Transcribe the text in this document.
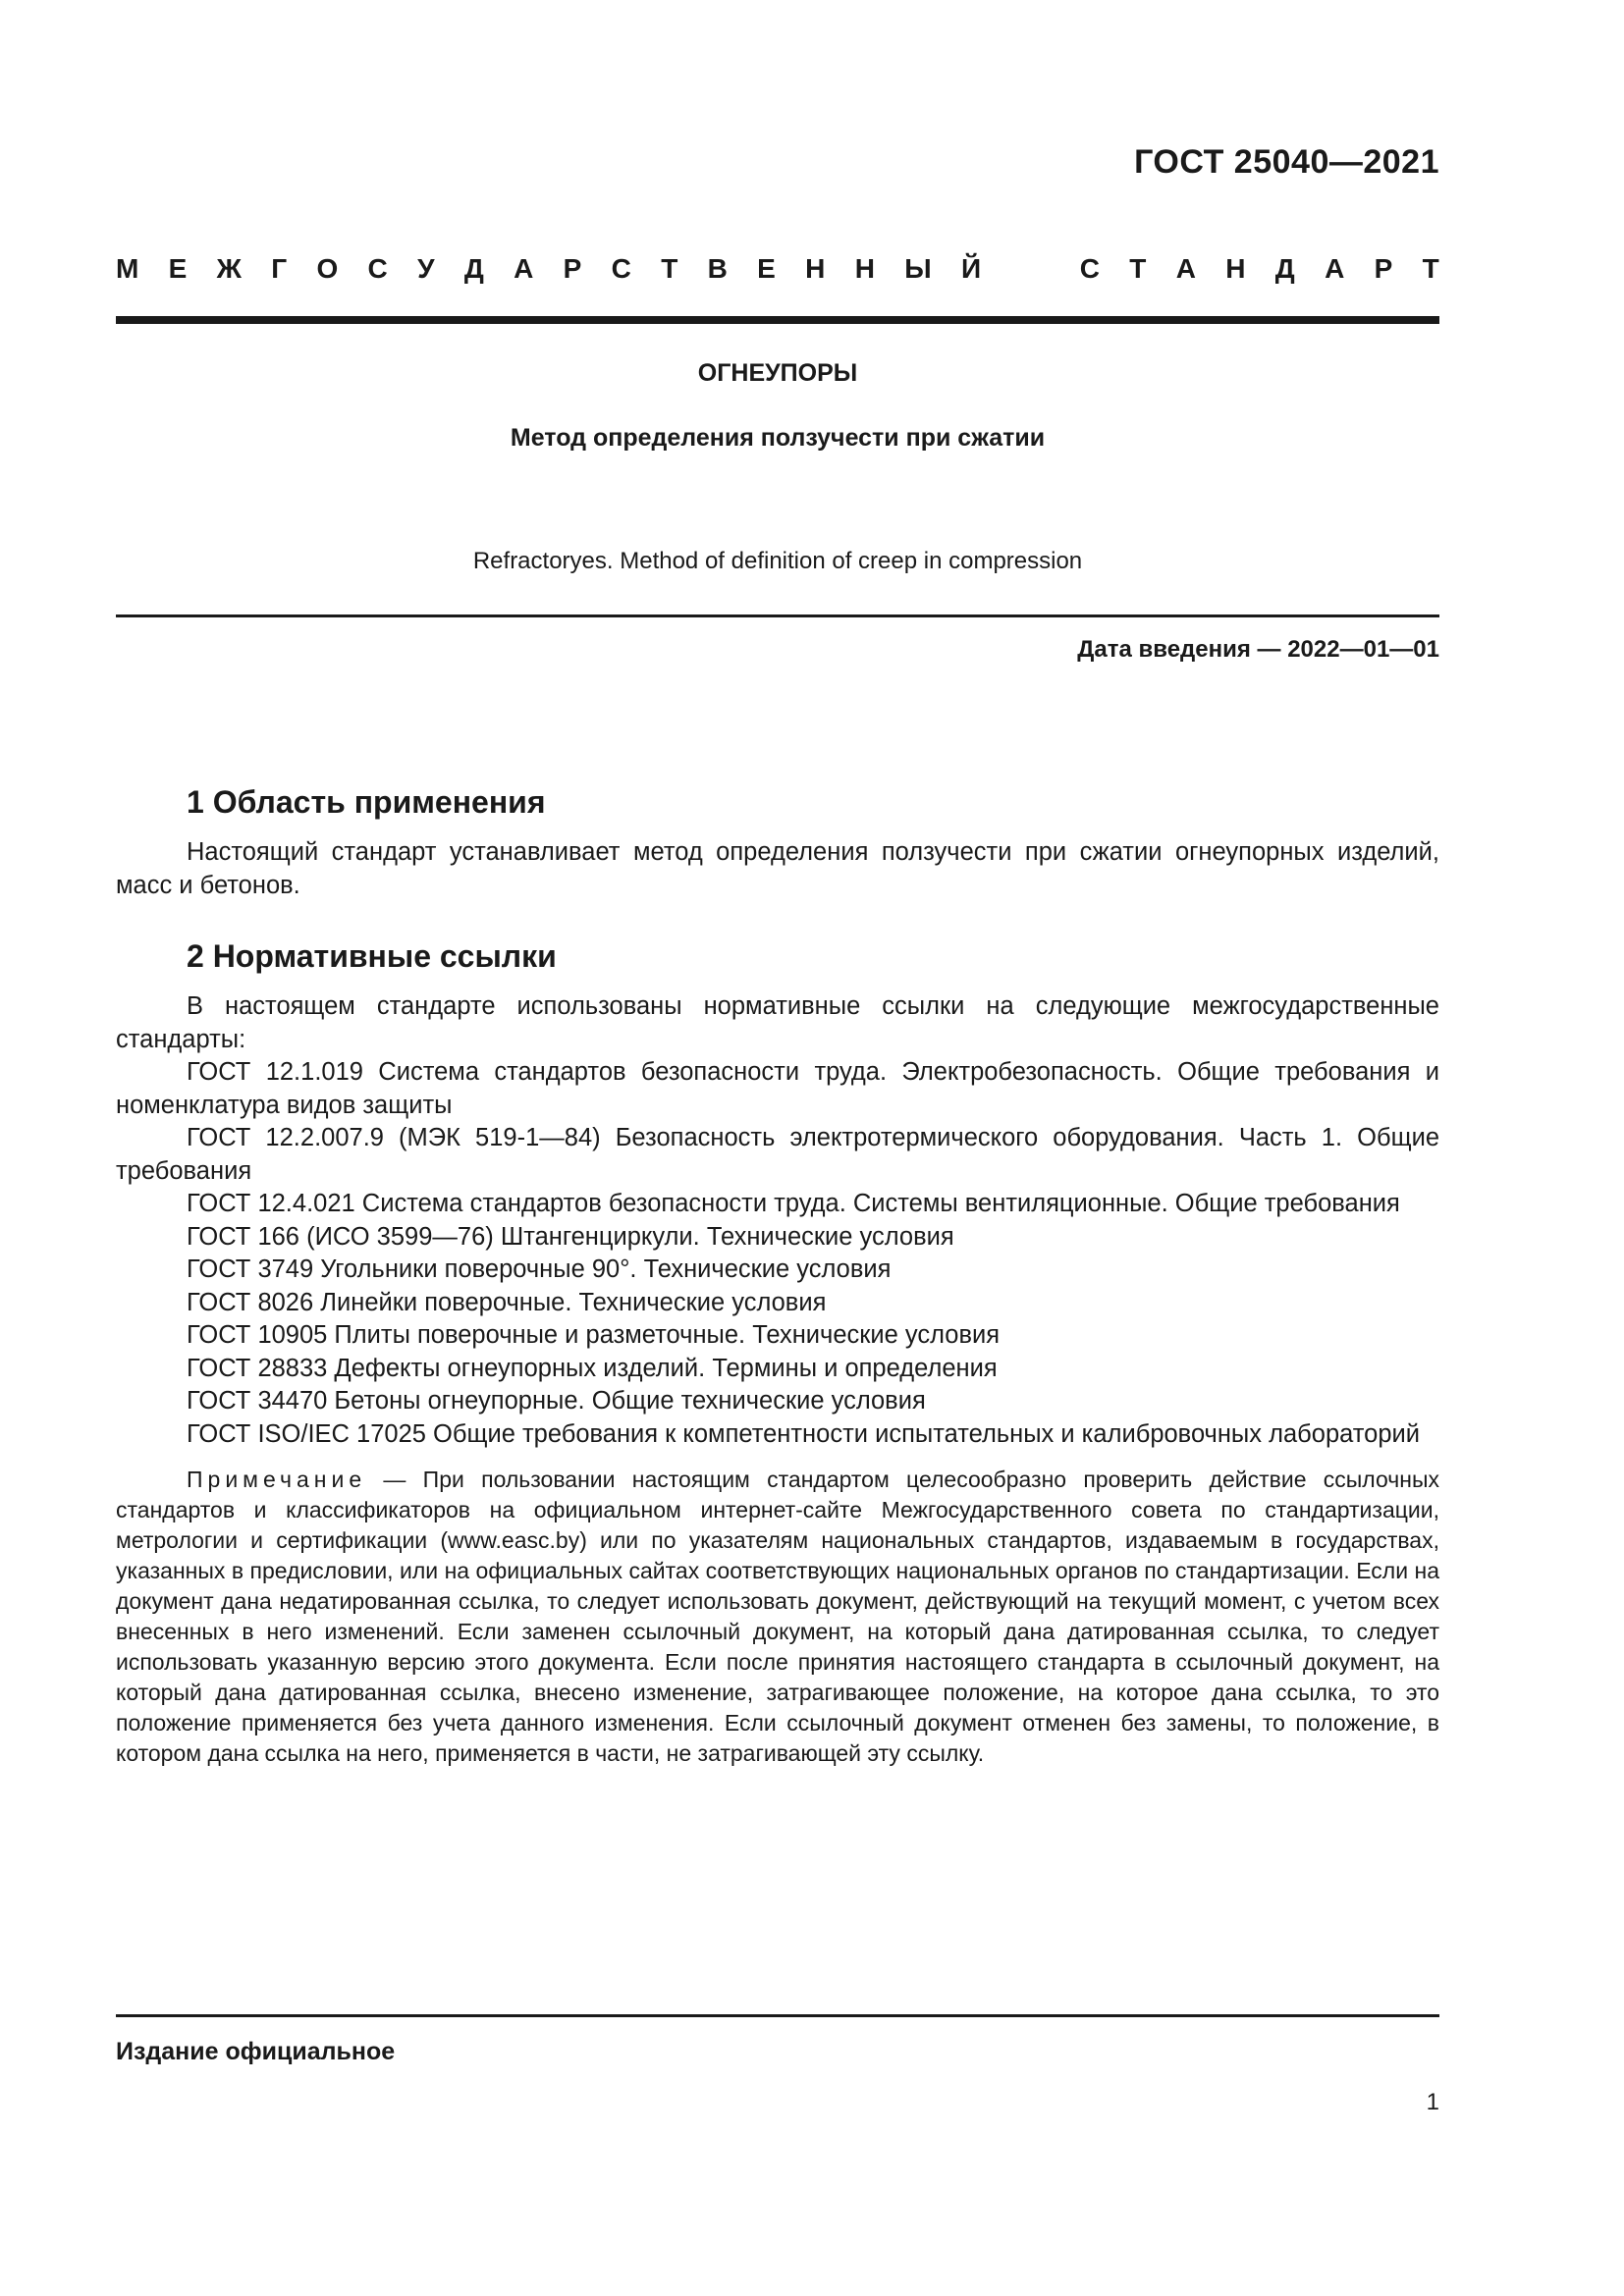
ГОСТ 25040—2021
М Е Ж Г О С У Д А Р С Т В Е Н Н Ы Й	С Т А Н Д А Р Т
ОГНЕУПОРЫ
Метод определения ползучести при сжатии
Refractoryes. Method of definition of creep in compression
Дата введения — 2022—01—01
1 Область применения

Настоящий стандарт устанавливает метод определения ползучести при сжатии огнеупорных изделий, масс и бетонов.

2 Нормативные ссылки

В настоящем стандарте использованы нормативные ссылки на следующие межгосударственные стандарты:

ГОСТ 12.1.019 Система стандартов безопасности труда. Электробезопасность. Общие требования и номенклатура видов защиты

ГОСТ 12.2.007.9 (МЭК 519-1—84) Безопасность электротермического оборудования. Часть 1. Общие требования

ГОСТ 12.4.021 Система стандартов безопасности труда. Системы вентиляционные. Общие требования

ГОСТ 166 (ИСО 3599—76) Штангенциркули. Технические условия

ГОСТ 3749 Угольники поверочные 90°. Технические условия

ГОСТ 8026 Линейки поверочные. Технические условия

ГОСТ 10905 Плиты поверочные и разметочные. Технические условия

ГОСТ 28833 Дефекты огнеупорных изделий. Термины и определения

ГОСТ 34470 Бетоны огнеупорные. Общие технические условия

ГОСТ ISO/IEC 17025 Общие требования к компетентности испытательных и калибровочных лабораторий

Примечание — При пользовании настоящим стандартом целесообразно проверить действие ссылочных стандартов и классификаторов на официальном интернет-сайте Межгосударственного совета по стандартизации, метрологии и сертификации (www.easc.by) или по указателям национальных стандартов, издаваемым в государствах, указанных в предисловии, или на официальных сайтах соответствующих национальных органов по стандартизации. Если на документ дана недатированная ссылка, то следует использовать документ, действующий на текущий момент, с учетом всех внесенных в него изменений. Если заменен ссылочный документ, на который дана датированная ссылка, то следует использовать указанную версию этого документа. Если после принятия настоящего стандарта в ссылочный документ, на который дана датированная ссылка, внесено изменение, затрагивающее положение, на которое дана ссылка, то это положение применяется без учета данного изменения. Если ссылочный документ отменен без замены, то положение, в котором дана ссылка на него, применяется в части, не затрагивающей эту ссылку.

Издание официальное
1
